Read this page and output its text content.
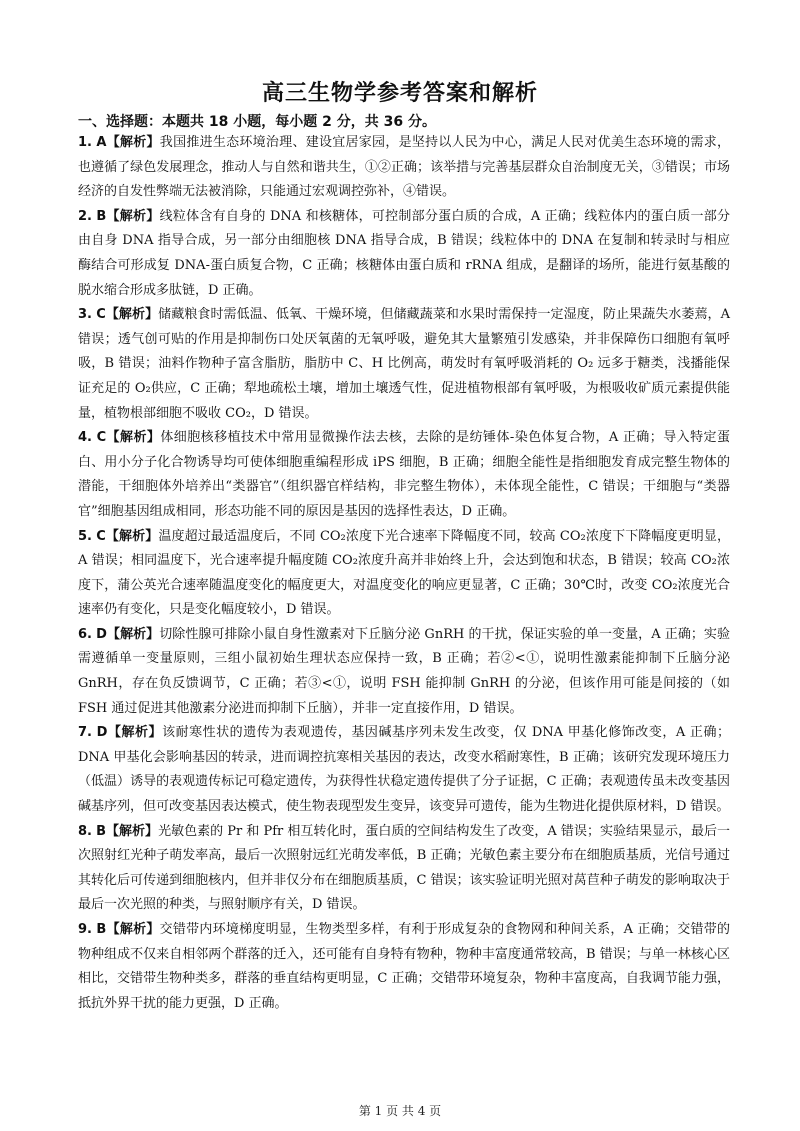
高三生物学参考答案和解析
一、选择题：本题共 18 小题，每小题 2 分，共 36 分。

1. A【解析】我国推进生态环境治理、建设宜居家园，是坚持以人民为中心，满足人民对优美生态环境的需求，也遵循了绿色发展理念，推动人与自然和谐共生，①②正确；该举措与完善基层群众自治制度无关，③错误；市场经济的自发性弊端无法被消除，只能通过宏观调控弥补，④错误。

2. B【解析】线粒体含有自身的 DNA 和核糖体，可控制部分蛋白质的合成，A 正确；线粒体内的蛋白质一部分由自身 DNA 指导合成，另一部分由细胞核 DNA 指导合成，B 错误；线粒体中的 DNA 在复制和转录时与相应酶结合可形成复 DNA-蛋白质复合物，C 正确；核糖体由蛋白质和 rRNA 组成，是翻译的场所，能进行氨基酸的脱水缩合形成多肽链，D 正确。

3. C【解析】储藏粮食时需低温、低氧、干燥环境，但储藏蔬菜和水果时需保持一定湿度，防止果蔬失水萎蔫，A 错误；透气创可贴的作用是抑制伤口处厌氧菌的无氧呼吸，避免其大量繁殖引发感染，并非保障伤口细胞有氧呼吸，B 错误；油料作物种子富含脂肪，脂肪中 C、H 比例高，萌发时有氧呼吸消耗的 O₂ 远多于糖类，浅播能保证充足的 O₂供应，C 正确；犁地疏松土壤，增加土壤透气性，促进植物根部有氧呼吸，为根吸收矿质元素提供能量，植物根部细胞不吸收 CO₂，D 错误。

4. C【解析】体细胞核移植技术中常用显微操作法去核，去除的是纺锤体-染色体复合物，A 正确；导入特定蛋白、用小分子化合物诱导均可使体细胞重编程形成 iPS 细胞，B 正确；细胞全能性是指细胞发育成完整生物体的潜能，干细胞体外培养出“类器官”（组织器官样结构，非完整生物体），未体现全能性，C 错误；干细胞与“类器官”细胞基因组成相同，形态功能不同的原因是基因的选择性表达，D 正确。

5. C【解析】温度超过最适温度后，不同 CO₂浓度下光合速率下降幅度不同，较高 CO₂浓度下下降幅度更明显，A 错误；相同温度下，光合速率提升幅度随 CO₂浓度升高并非始终上升，会达到饱和状态，B 错误；较高 CO₂浓度下，蒲公英光合速率随温度变化的幅度更大，对温度变化的响应更显著，C 正确；30℃时，改变 CO₂浓度光合速率仍有变化，只是变化幅度较小，D 错误。

6. D【解析】切除性腺可排除小鼠自身性激素对下丘脑分泌 GnRH 的干扰，保证实验的单一变量，A 正确；实验需遵循单一变量原则，三组小鼠初始生理状态应保持一致，B 正确；若②<①，说明性激素能抑制下丘脑分泌 GnRH，存在负反馈调节，C 正确；若③<①，说明 FSH 能抑制 GnRH 的分泌，但该作用可能是间接的（如 FSH 通过促进其他激素分泌进而抑制下丘脑），并非一定直接作用，D 错误。

7. D【解析】该耐寒性状的遗传为表观遗传，基因碱基序列未发生改变，仅 DNA 甲基化修饰改变，A 正确；DNA 甲基化会影响基因的转录，进而调控抗寒相关基因的表达，改变水稻耐寒性，B 正确；该研究发现环境压力（低温）诱导的表观遗传标记可稳定遗传，为获得性状稳定遗传提供了分子证据，C 正确；表观遗传虽未改变基因碱基序列，但可改变基因表达模式，使生物表现型发生变异，该变异可遗传，能为生物进化提供原材料，D 错误。

8. B【解析】光敏色素的 Pr 和 Pfr 相互转化时，蛋白质的空间结构发生了改变，A 错误；实验结果显示，最后一次照射红光种子萌发率高，最后一次照射远红光萌发率低，B 正确；光敏色素主要分布在细胞质基质，光信号通过其转化后可传递到细胞核内，但并非仅分布在细胞质基质，C 错误；该实验证明光照对莴苣种子萌发的影响取决于最后一次光照的种类，与照射顺序有关，D 错误。

9. B【解析】交错带内环境梯度明显，生物类型多样，有利于形成复杂的食物网和种间关系，A 正确；交错带的物种组成不仅来自相邻两个群落的迁入，还可能有自身特有物种，物种丰富度通常较高，B 错误；与单一林核心区相比，交错带生物种类多，群落的垂直结构更明显，C 正确；交错带环境复杂，物种丰富度高，自我调节能力强，抵抗外界干扰的能力更强，D 正确。

第 1 页 共 4 页
